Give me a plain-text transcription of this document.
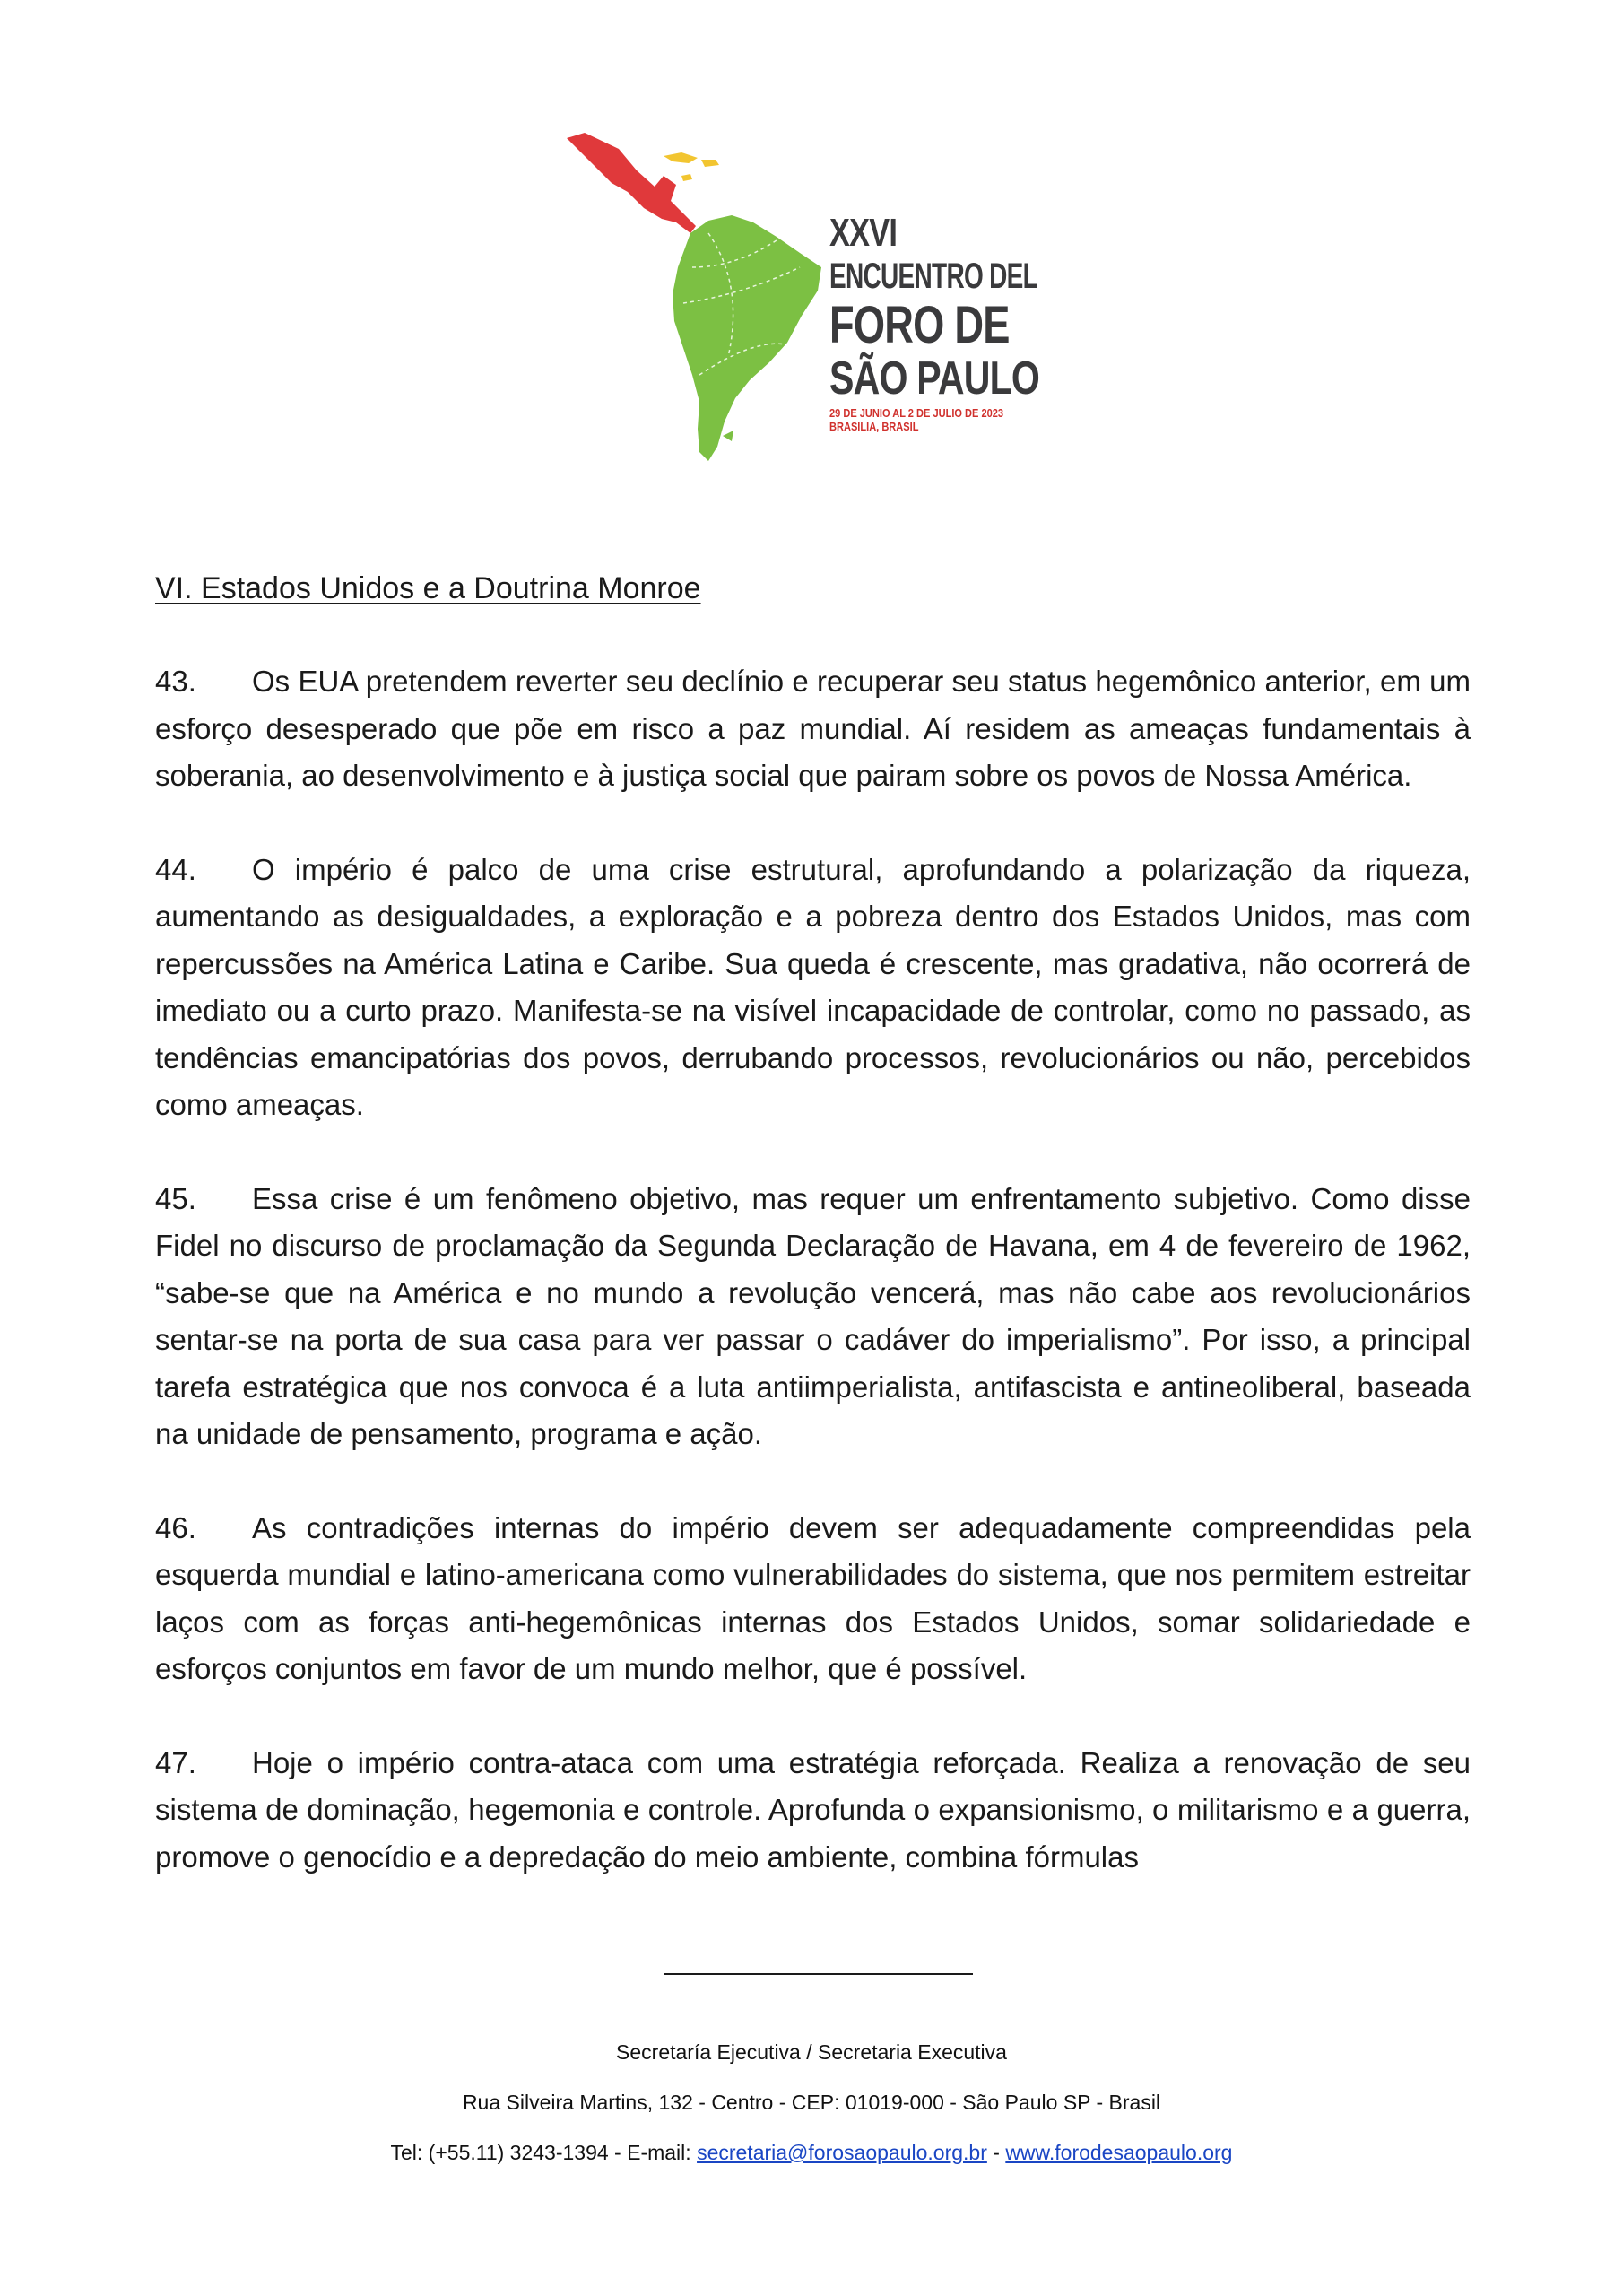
XXVI
ENCUENTRO DEL
FORO DE
SÃO PAULO
29 DE JUNIO AL 2 DE JULIO DE 2023
BRASILIA, BRASIL
VI. Estados Unidos e a Doutrina Monroe

43. Os EUA pretendem reverter seu declínio e recuperar seu status hegemônico anterior, em um esforço desesperado que põe em risco a paz mundial. Aí residem as ameaças fundamentais à soberania, ao desenvolvimento e à justiça social que pairam sobre os povos de Nossa América.

44. O império é palco de uma crise estrutural, aprofundando a polarização da riqueza, aumentando as desigualdades, a exploração e a pobreza dentro dos Estados Unidos, mas com repercussões na América Latina e Caribe. Sua queda é crescente, mas gradativa, não ocorrerá de imediato ou a curto prazo. Manifesta-se na visível incapacidade de controlar, como no passado, as tendências emancipatórias dos povos, derrubando processos, revolucionários ou não, percebidos como ameaças.

45. Essa crise é um fenômeno objetivo, mas requer um enfrentamento subjetivo. Como disse Fidel no discurso de proclamação da Segunda Declaração de Havana, em 4 de fevereiro de 1962, “sabe-se que na América e no mundo a revolução vencerá, mas não cabe aos revolucionários sentar-se na porta de sua casa para ver passar o cadáver do imperialismo”. Por isso, a principal tarefa estratégica que nos convoca é a luta antiimperialista, antifascista e antineoliberal, baseada na unidade de pensamento, programa e ação.

46. As contradições internas do império devem ser adequadamente compreendidas pela esquerda mundial e latino-americana como vulnerabilidades do sistema, que nos permitem estreitar laços com as forças anti-hegemônicas internas dos Estados Unidos, somar solidariedade e esforços conjuntos em favor de um mundo melhor, que é possível.

47. Hoje o império contra-ataca com uma estratégia reforçada. Realiza a renovação de seu sistema de dominação, hegemonia e controle. Aprofunda o expansionismo, o militarismo e a guerra, promove o genocídio e a depredação do meio ambiente, combina fórmulas

Secretaría Ejecutiva / Secretaria Executiva
Rua Silveira Martins, 132 - Centro - CEP: 01019-000 - São Paulo SP - Brasil
Tel: (+55.11) 3243-1394 - E-mail: secretaria@forosaopaulo.org.br - www.forodesaopaulo.org
